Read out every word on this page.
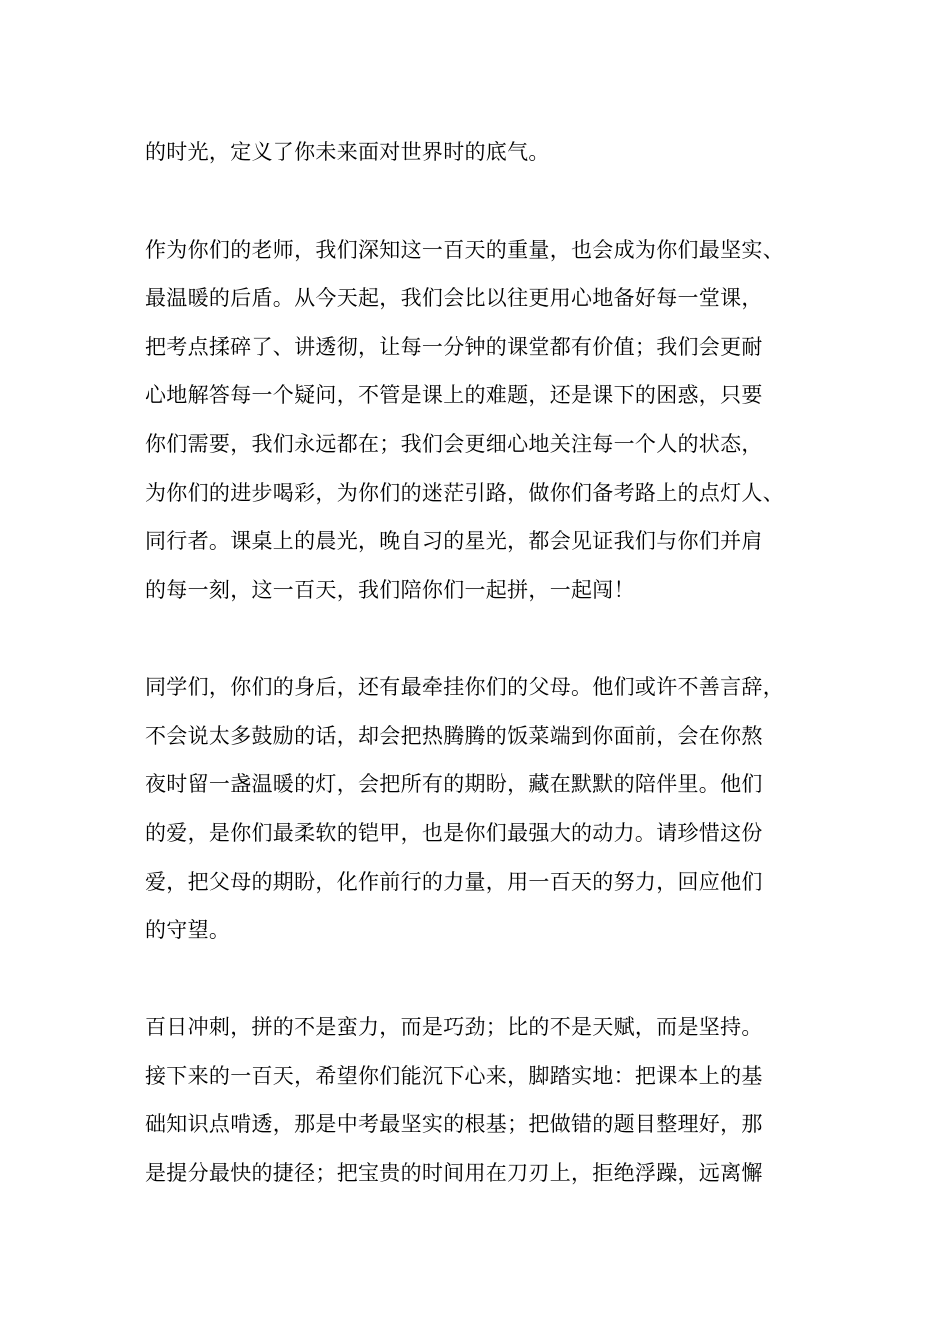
的时光，定义了你未来面对世界时的底气。
作为你们的老师，我们深知这一百天的重量，也会成为你们最坚实、
最温暖的后盾。从今天起，我们会比以往更用心地备好每一堂课，
把考点揉碎了、讲透彻，让每一分钟的课堂都有价值；我们会更耐
心地解答每一个疑问，不管是课上的难题，还是课下的困惑，只要
你们需要，我们永远都在；我们会更细心地关注每一个人的状态，
为你们的进步喝彩，为你们的迷茫引路，做你们备考路上的点灯人、
同行者。课桌上的晨光，晚自习的星光，都会见证我们与你们并肩
的每一刻，这一百天，我们陪你们一起拼，一起闯！
同学们，你们的身后，还有最牵挂你们的父母。他们或许不善言辞，
不会说太多鼓励的话，却会把热腾腾的饭菜端到你面前，会在你熬
夜时留一盏温暖的灯，会把所有的期盼，藏在默默的陪伴里。他们
的爱，是你们最柔软的铠甲，也是你们最强大的动力。请珍惜这份
爱，把父母的期盼，化作前行的力量，用一百天的努力，回应他们
的守望。
百日冲刺，拼的不是蛮力，而是巧劲；比的不是天赋，而是坚持。
接下来的一百天，希望你们能沉下心来，脚踏实地：把课本上的基
础知识点啃透，那是中考最坚实的根基；把做错的题目整理好，那
是提分最快的捷径；把宝贵的时间用在刀刃上，拒绝浮躁，远离懈
